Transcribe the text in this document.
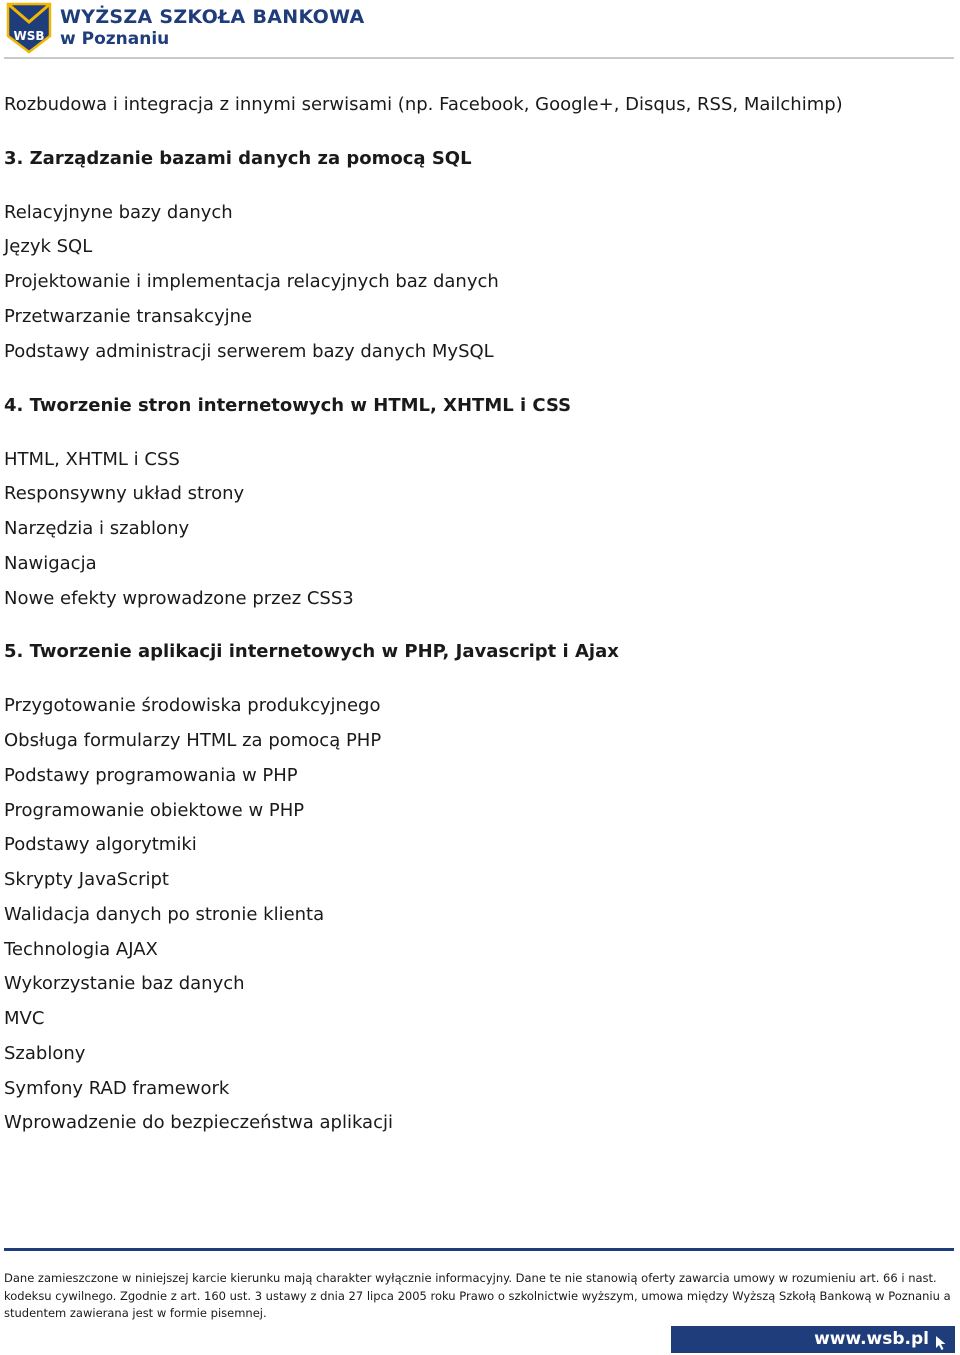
WSB
WYŻSZA SZKOŁA BANKOWA
w Poznaniu
Rozbudowa i integracja z innymi serwisami (np. Facebook, Google+, Disqus, RSS, Mailchimp)
3. Zarządzanie bazami danych za pomocą SQL
Relacyjnyne bazy danych
Język SQL
Projektowanie i implementacja relacyjnych baz danych
Przetwarzanie transakcyjne
Podstawy administracji serwerem bazy danych MySQL
4. Tworzenie stron internetowych w HTML, XHTML i CSS
HTML, XHTML i CSS
Responsywny układ strony
Narzędzia i szablony
Nawigacja
Nowe efekty wprowadzone przez CSS3
5. Tworzenie aplikacji internetowych w PHP, Javascript i Ajax
Przygotowanie środowiska produkcyjnego
Obsługa formularzy HTML za pomocą PHP
Podstawy programowania w PHP
Programowanie obiektowe w PHP
Podstawy algorytmiki
Skrypty JavaScript
Walidacja danych po stronie klienta
Technologia AJAX
Wykorzystanie baz danych
MVC
Szablony
Symfony RAD framework
Wprowadzenie do bezpieczeństwa aplikacji
Dane zamieszczone w niniejszej karcie kierunku mają charakter wyłącznie informacyjny. Dane te nie stanowią oferty zawarcia umowy w rozumieniu art. 66 i nast.
kodeksu cywilnego. Zgodnie z art. 160 ust. 3 ustawy z dnia 27 lipca 2005 roku Prawo o szkolnictwie wyższym, umowa między Wyższą Szkołą Bankową w Poznaniu a
studentem zawierana jest w formie pisemnej.
www.wsb.pl
